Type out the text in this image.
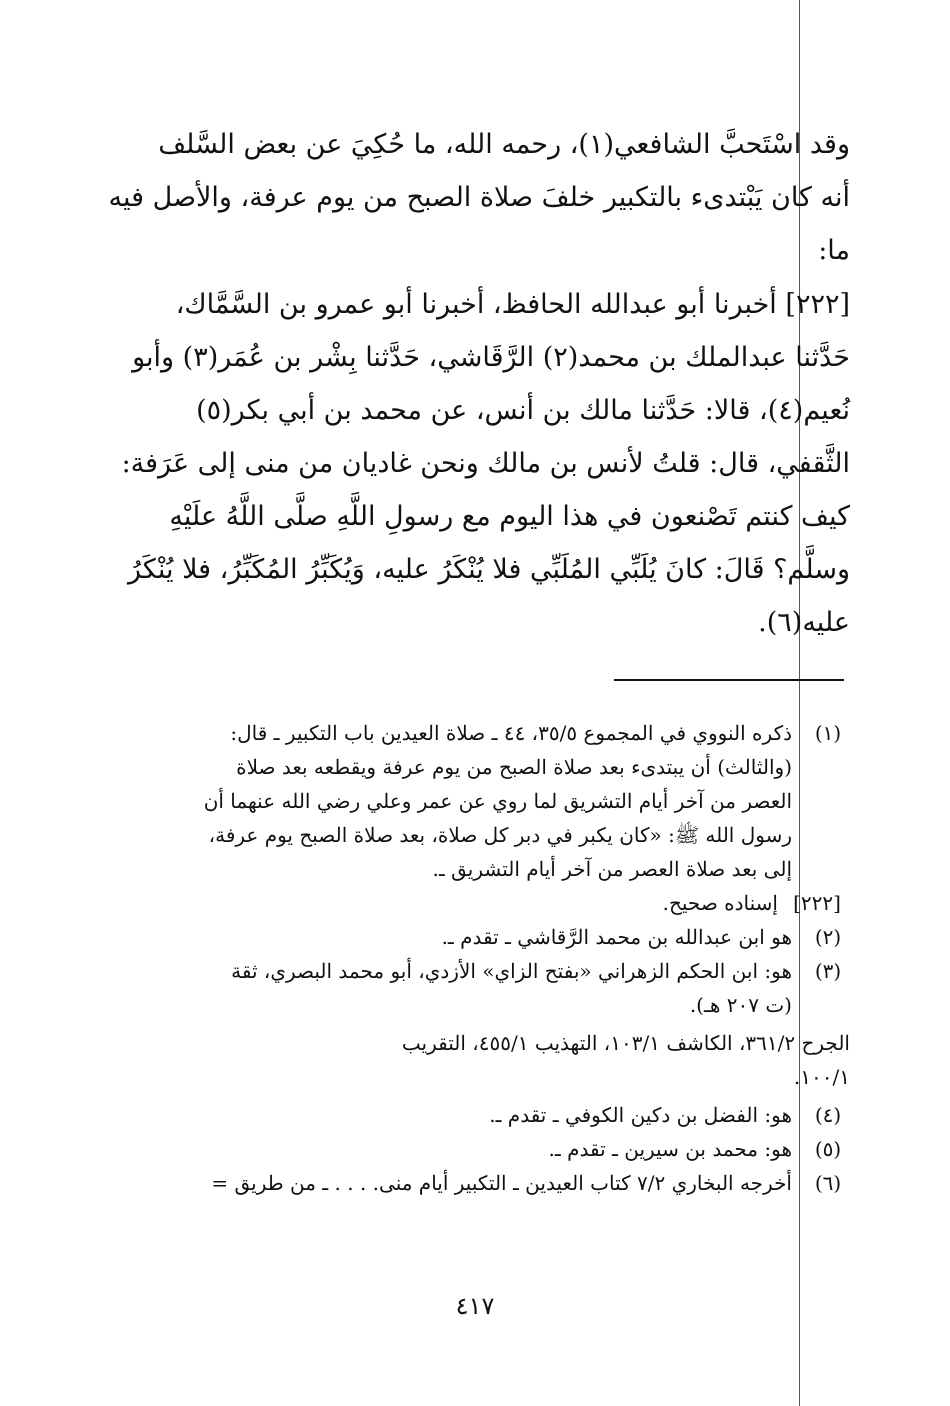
وقد اسْتَحبَّ الشافعي(١)، رحمه الله، ما حُكِيَ عن بعض السَّلف
أنه كان يَبْتدىء بالتكبير خلفَ صلاة الصبح من يوم عرفة، والأصل فيه
ما:
[٢٢٢] أخبرنا أبو عبدالله الحافظ، أخبرنا أبو عمرو بن السَّمَّاك،
حَدَّثنا عبدالملك بن محمد(٢) الرَّقَاشي، حَدَّثنا بِشْر بن عُمَر(٣) وأبو
نُعيم(٤)، قالا: حَدَّثنا مالك بن أنس، عن محمد بن أبي بكر(٥)
الثَّقفي، قال: قلتُ لأنس بن مالك ونحن غاديان من منى إلى عَرَفة:
كيف كنتم تَصْنعون في هذا اليوم مع رسولِ اللَّهِ صلَّى اللَّهُ علَيْهِ
وسلَّم؟ قَالَ: كانَ يُلَبِّي المُلَبِّي فلا يُنْكَرُ عليه، وَيُكَبِّرُ المُكَبِّرُ، فلا يُنْكَرُ
عليه(٦).
(١)
ذكره النووي في المجموع ٣٥/٥، ٤٤ ـ صلاة العيدين باب التكبير ـ قال:
(والثالث) أن يبتدىء بعد صلاة الصبح من يوم عرفة ويقطعه بعد صلاة
العصر من آخر أيام التشريق لما روي عن عمر وعلي رضي الله عنهما أن
رسول الله ﷺ: «كان يكبر في دبر كل صلاة، بعد صلاة الصبح يوم عرفة،
إلى بعد صلاة العصر من آخر أيام التشريق ـ.
[٢٢٢]
إسناده صحيح.
(٢)
هو ابن عبدالله بن محمد الرَّقاشي ـ تقدم ـ.
(٣)
هو: ابن الحكم الزهراني «بفتح الزاي» الأزدي، أبو محمد البصري، ثقة
(ت ٢٠٧ هـ).
الجرح ٣٦١/٢، الكاشف ١٠٣/١، التهذيب ٤٥٥/١، التقريب
١٠٠/١.
(٤)
هو: الفضل بن دكين الكوفي ـ تقدم ـ.
(٥)
هو: محمد بن سيرين ـ تقدم ـ.
(٦)
أخرجه البخاري ٧/٢ كتاب العيدين ـ التكبير أيام منى. . . . ـ من طريق =
٤١٧
